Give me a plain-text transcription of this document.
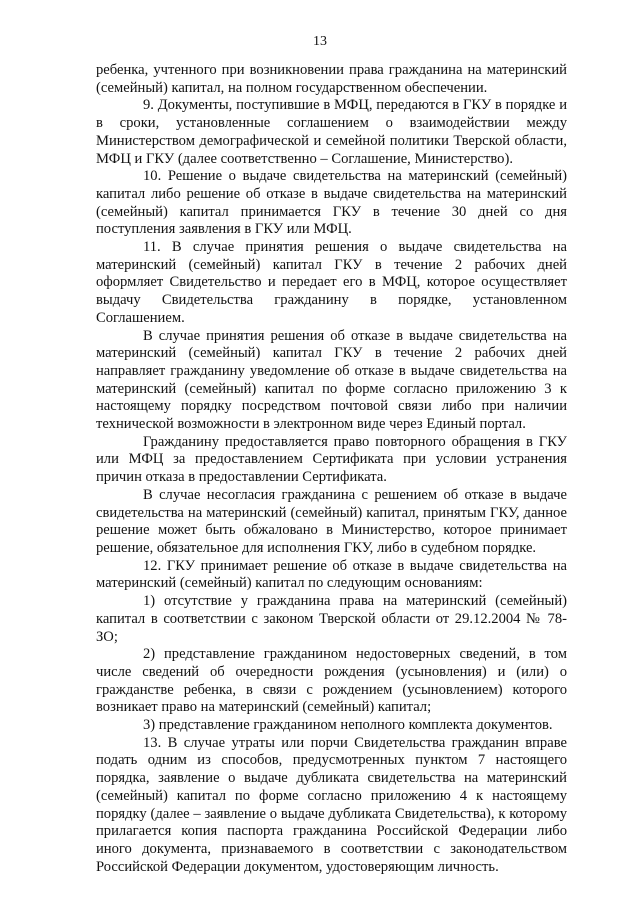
13

ребенка, учтенного при возникновении права гражданина на материнский (семейный) капитал, на полном государственном обеспечении.

9. Документы, поступившие в МФЦ, передаются в ГКУ в порядке и в сроки, установленные соглашением о взаимодействии между Министерством демографической и семейной политики Тверской области, МФЦ и ГКУ (далее соответственно – Соглашение, Министерство).

10. Решение о выдаче свидетельства на материнский (семейный) капитал либо решение об отказе в выдаче свидетельства на материнский (семейный) капитал принимается ГКУ в течение 30 дней со дня поступления заявления в ГКУ или МФЦ.

11. В случае принятия решения о выдаче свидетельства на материнский (семейный) капитал ГКУ в течение 2 рабочих дней оформляет Свидетельство и передает его в МФЦ, которое осуществляет выдачу Свидетельства гражданину в порядке, установленном Соглашением.

В случае принятия решения об отказе в выдаче свидетельства на материнский (семейный) капитал ГКУ в течение 2 рабочих дней направляет гражданину уведомление об отказе в выдаче свидетельства на материнский (семейный) капитал по форме согласно приложению 3 к настоящему порядку посредством почтовой связи либо при наличии технической возможности в электронном виде через Единый портал.

Гражданину предоставляется право повторного обращения в ГКУ или МФЦ за предоставлением Сертификата при условии устранения причин отказа в предоставлении Сертификата.

В случае несогласия гражданина с решением об отказе в выдаче свидетельства на материнский (семейный) капитал, принятым ГКУ, данное решение может быть обжаловано в Министерство, которое принимает решение, обязательное для исполнения ГКУ, либо в судебном порядке.

12. ГКУ принимает решение об отказе в выдаче свидетельства на материнский (семейный) капитал по следующим основаниям:

1) отсутствие у гражданина права на материнский (семейный) капитал в соответствии с законом Тверской области от 29.12.2004 № 78-ЗО;

2) представление гражданином недостоверных сведений, в том числе сведений об очередности рождения (усыновления) и (или) о гражданстве ребенка, в связи с рождением (усыновлением) которого возникает право на материнский (семейный) капитал;

3) представление гражданином неполного комплекта документов.

13. В случае утраты или порчи Свидетельства гражданин вправе подать одним из способов, предусмотренных пунктом 7 настоящего порядка, заявление о выдаче дубликата свидетельства на материнский (семейный) капитал по форме согласно приложению 4 к настоящему порядку (далее – заявление о выдаче дубликата Свидетельства), к которому прилагается копия паспорта гражданина Российской Федерации либо иного документа, признаваемого в соответствии с законодательством Российской Федерации документом, удостоверяющим личность.
